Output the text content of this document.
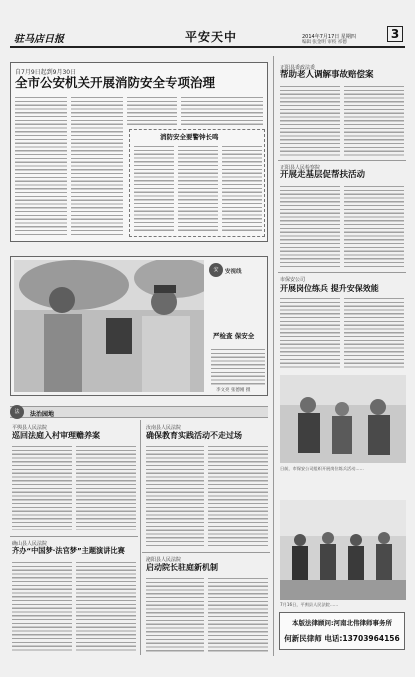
驻马店日报	平安天中	2014年7月17日 星期四
编辑 张金明 审校 祁德
3
自7月9日起到9月30日
全市公安机关开展消防安全专项治理
消防安全要警钟长鸣
正阳县委政法委
帮助老人调解事故赔偿案
正阳县人民检察院
开展走基层促帮扶活动
市保安公司
开展岗位练兵 提升安保效能
日前，市保安公司组织开展岗位练兵活动……
7月16日，平舆县人民法院……
安	安视线
严检查 保安全
李文亮 张德刚 摄
法	法治园地
平舆县人民法院
巡回法庭入村审理赡养案
汝南县人民法院
确保教育实践活动不走过场
确山县人民法院
齐办“中国梦·法官梦”主题演讲比赛
泌阳县人民法院
启动院长驻庭新机制
本版法律顾问:河南北伟律师事务所
何新民律师 电话:13703964156
